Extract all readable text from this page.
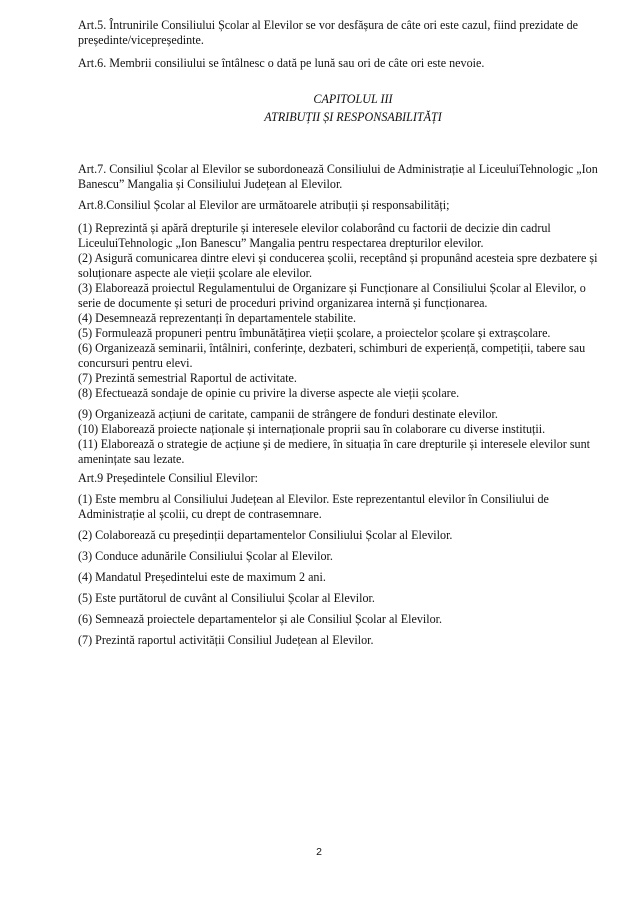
Art.5. Întrunirile Consiliului Școlar al Elevilor se vor desfășura de câte ori este cazul, fiind prezidate de președinte/vicepreședinte.

Art.6. Membrii consiliului se întâlnesc o dată pe lună sau ori de câte ori este nevoie.

CAPITOLUL III

ATRIBUȚII ȘI RESPONSABILITĂȚI

Art.7. Consiliul Școlar al Elevilor se subordonează Consiliului de Administrație al LiceuluiTehnologic „Ion Banescu” Mangalia și Consiliului Județean al Elevilor.

Art.8.Consiliul Școlar al Elevilor are următoarele atribuții și responsabilități;

(1) Reprezintă și apără drepturile și interesele elevilor colaborând cu factorii de decizie din cadrul LiceuluiTehnologic „Ion Banescu” Mangalia pentru respectarea drepturilor elevilor.

(2) Asigură comunicarea dintre elevi și conducerea școlii, receptând și propunând acesteia spre dezbatere și soluționare aspecte ale vieții școlare ale elevilor.

(3) Elaborează proiectul Regulamentului de Organizare și Funcționare al Consiliului Școlar al Elevilor, o serie de documente și seturi de proceduri privind organizarea internă și funcționarea.

(4) Desemnează reprezentanți în departamentele stabilite.

(5) Formulează propuneri pentru îmbunătățirea vieții școlare, a proiectelor școlare și extrașcolare.

(6) Organizează seminarii, întâlniri, conferințe, dezbateri, schimburi de experiență, competiții, tabere sau concursuri pentru elevi.

(7) Prezintă semestrial Raportul de activitate.

(8) Efectuează sondaje de opinie cu privire la diverse aspecte ale vieții școlare.

(9) Organizează acțiuni de caritate, campanii de strângere de fonduri destinate elevilor.

(10) Elaborează proiecte naționale și internaționale proprii sau în colaborare cu diverse instituții.

(11) Elaborează o strategie de acțiune și de mediere, în situația în care drepturile și interesele elevilor sunt amenințate sau lezate.

Art.9 Președintele Consiliul Elevilor:

(1) Este membru al Consiliului Județean al Elevilor. Este reprezentantul elevilor în Consiliului de Administrație al școlii, cu drept de contrasemnare.

(2) Colaborează cu președinții departamentelor Consiliului Școlar al Elevilor.

(3) Conduce adunările Consiliului Școlar al Elevilor.

(4) Mandatul Președintelui este de maximum 2 ani.

(5) Este purtătorul de cuvânt al Consiliului Școlar al Elevilor.

(6) Semnează proiectele departamentelor și ale Consiliul Școlar al Elevilor.

(7) Prezintă raportul activității Consiliul Județean al Elevilor.

2
